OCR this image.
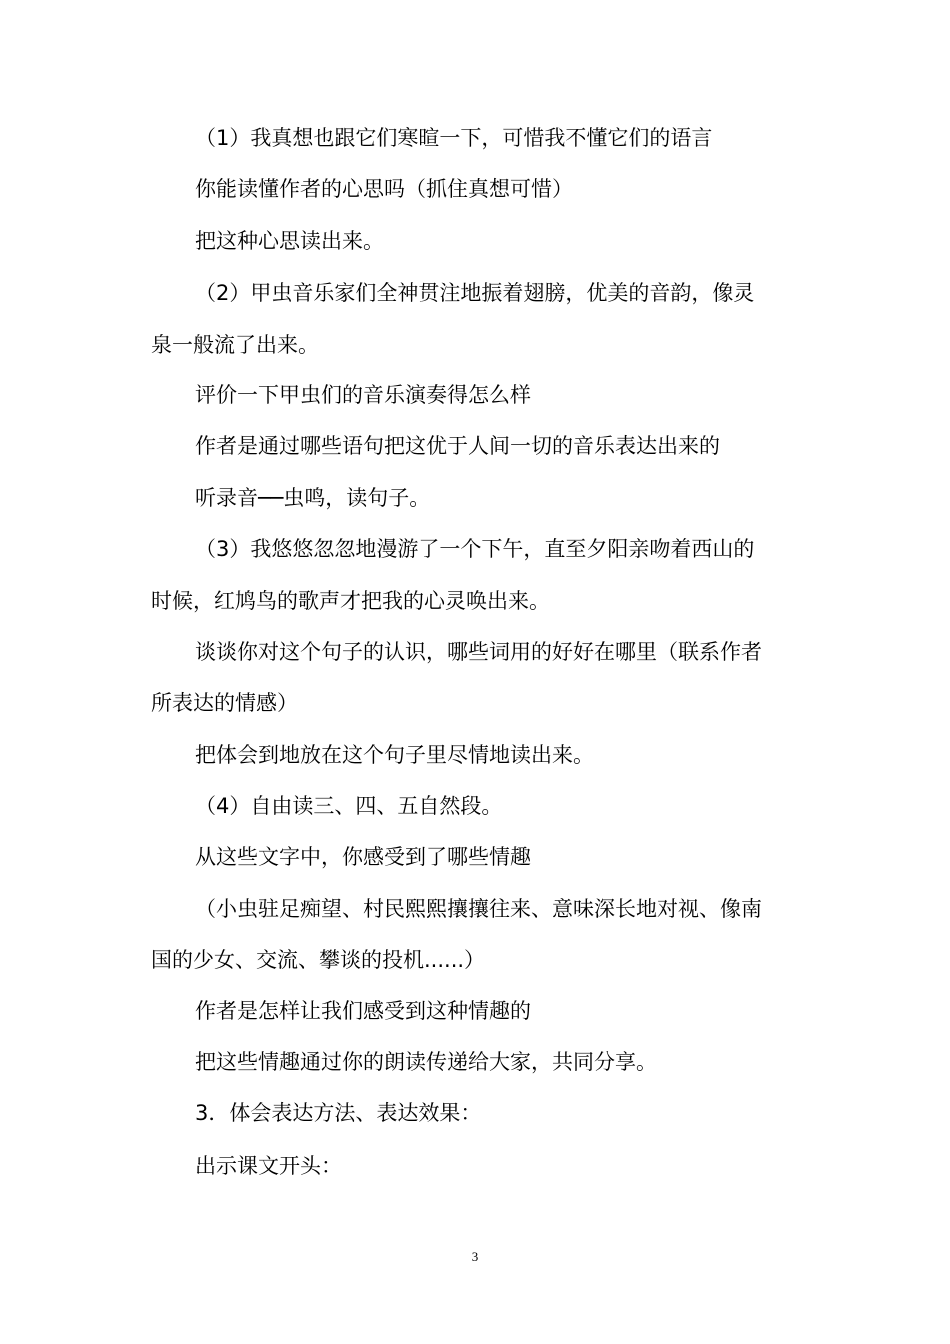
（1）我真想也跟它们寒暄一下，可惜我不懂它们的语言
你能读懂作者的心思吗（抓住真想可惜）
把这种心思读出来。
（2）甲虫音乐家们全神贯注地振着翅膀，优美的音韵，像灵
泉一般流了出来。
评价一下甲虫们的音乐演奏得怎么样
作者是通过哪些语句把这优于人间一切的音乐表达出来的
听录音──虫鸣，读句子。
（3）我悠悠忽忽地漫游了一个下午，直至夕阳亲吻着西山的
时候，红鸠鸟的歌声才把我的心灵唤出来。
谈谈你对这个句子的认识，哪些词用的好好在哪里（联系作者
所表达的情感）
把体会到地放在这个句子里尽情地读出来。
（4）自由读三、四、五自然段。
从这些文字中，你感受到了哪些情趣
（小虫驻足痴望、村民熙熙攘攘往来、意味深长地对视、像南
国的少女、交流、攀谈的投机......）
作者是怎样让我们感受到这种情趣的
把这些情趣通过你的朗读传递给大家，共同分享。
3．体会表达方法、表达效果：
出示课文开头：
3
